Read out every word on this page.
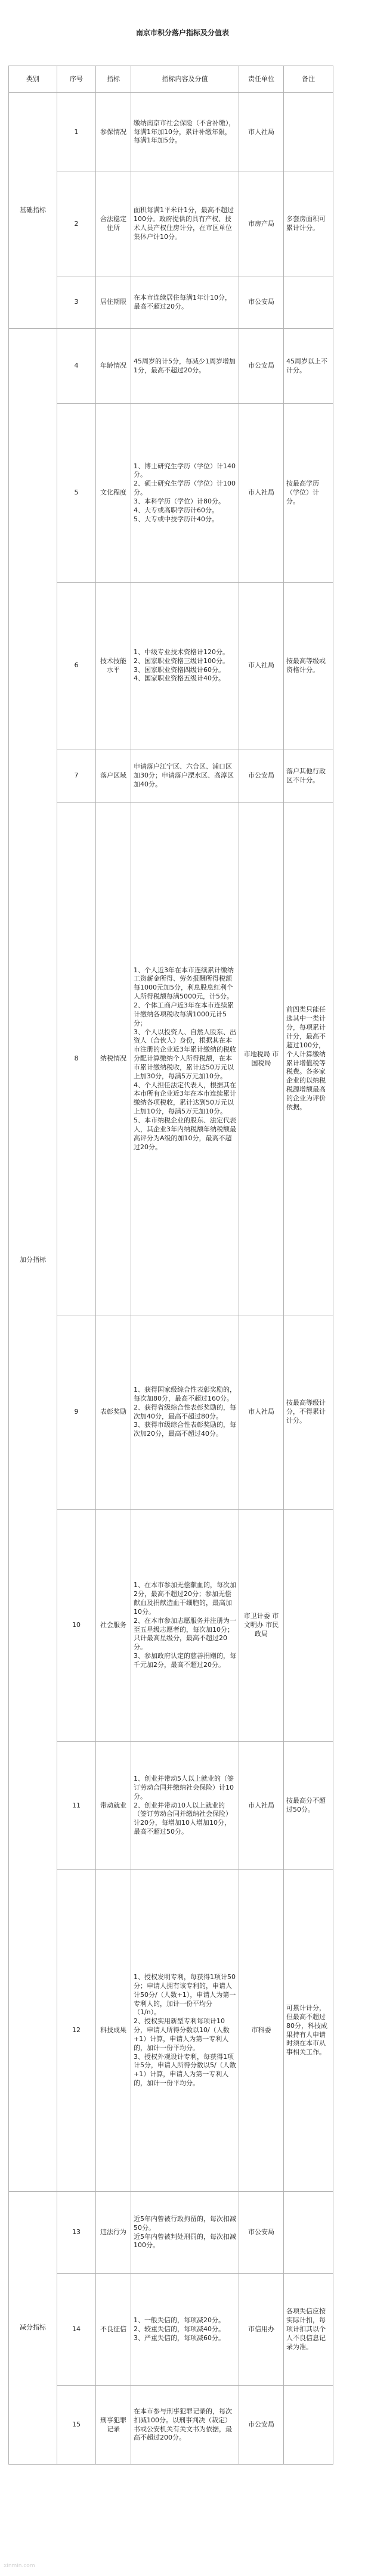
南京市积分落户指标及分值表
类别	序号	指标	指标内容及分值	责任单位	备注
基础指标	1	参保情况	缴纳南京市社会保险（不含补缴），每满1年加10分，累计补缴年限，每满1年加5分。	市人社局	
	2	合法稳定住所	面积每满1平米计1分，最高不超过100分。政府提供的具有产权、技术人员产权住房计分，在市区单位集体户计10分。	市房产局	多套房面积可累计计分。
	3	居住期限	在本市连续居住每满1年计10分，最高不超过20分。	市公安局	
加分指标	4	年龄情况	45周岁的计5分，每减少1周岁增加1分，最高不超过20分。	市公安局	45周岁以上不计分。
	5	文化程度	1、博士研究生学历（学位）计140分。
2、硕士研究生学历（学位）计100分。
3、本科学历（学位）计80分。
4、大专或高职学历计60分。
5、大专或中技学历计40分。	市人社局	按最高学历（学位）计分。
	6	技术技能水平	1、中级专业技术资格计120分。
2、国家职业资格三级计100分。
3、国家职业资格四级计60分。
4、国家职业资格五级计40分。	市人社局	按最高等级或资格计分。
	7	落户区域	申请落户江宁区、六合区、浦口区加30分；申请落户溧水区、高淳区加40分。	市公安局	落户其他行政区不计分。
	8	纳税情况	1、个人近3年在本市连续累计缴纳工资薪金所得、劳务报酬所得税额每1000元加5分，利息股息红利个人所得税额每满5000元，计5分。
2、个体工商户近3年在本市连续累计缴纳各项税收每满1000元计5分；
3、个人以投资人、自然人股东、出资人（合伙人）身份，根据其在本市注册的企业近3年累计缴纳的税收分配计算缴纳个人所得税额，在本市累计缴纳税收，累计达50万元以上加30分，每满5万元加10分。
4、个人担任法定代表人，根据其在本市所有企业近3年在本市连续累计缴纳各项税收，累计达到50万元以上加10分，每满5万元加10分。
5、本市纳税企业的股东、法定代表人，其企业3年内纳税额年纳税额最高评分为A级的加10分，最高不超过20分。	市地税局 市国税局	前四类只能任选其中一类计分，每项累计计分，最高不超过100分，个人计算缴纳累计增值税等税费。各多家企业的以纳税税源增额最高的企业为评价依据。
	9	表彰奖励	1、获得国家级综合性表彰奖励的，每次加80分，最高不超过160分。
2、获得省级综合性表彰奖励的，每次加40分，最高不超过80分。
3、获得市级综合性表彰奖励的，每次加20分，最高不超过40分。	市人社局	按最高等级计分，不得累计计分。
	10	社会服务	1、在本市参加无偿献血的，每次加2分，最高不超过20分；参加无偿献血及捐献造血干细胞的，最高加10分。
2、在本市参加志愿服务并注册为一至五星级志愿者的，每次加10分；只计最高星级分，最高不超过20分。
3、参加政府认定的慈善捐赠的，每千元加2分，最高不超过20分。	市卫计委 市文明办 市民政局	
	11	带动就业	1、创业并带动5人以上就业的（签订劳动合同并缴纳社会保险）计10分。
2、创业并带动10人以上就业的（签订劳动合同并缴纳社会保险）计20分，每增加10人增加10分，最高不超过50分。	市人社局	按最高分不超过50分。
	12	科技成果	1、授权发明专利，每获得1项计50分；申请人拥有该专利的，申请人计50分/（人数+1），申请人为第一专利人的，加计一份平均分（1/n）。
2、授权实用新型专利每项计10分，申请人所得分数以10/（人数+1）计算，申请人为第一专利人的，加计一份平均分。
3、授权外观设计专利，每获得1项计5分，申请人所得分数以5/（人数+1）计算，申请人为第一专利人的，加计一份平均分。	市科委	可累计计分，但最高不超过80分，科技成果持有人申请时须在本市从事相关工作。
减分指标	13	违法行为	近5年内曾被行政拘留的，每次扣减50分。
近5年内曾被判处刑罚的，每次扣减100分。	市公安局	
	14	不良征信	1、一般失信的，每项减20分。
2、较重失信的，每项减40分。
3、严重失信的，每项减60分。	市信用办	各项失信应按实际计扣，每项计扣其以个人不良信息记录为准。
	15	刑事犯罪记录	在本市参与刑事犯罪记录的，每次扣减100分。以刑事判决（裁定）书或公安机关有关文书为依据，最高不超过200分。	市公安局	
xinmin.com
